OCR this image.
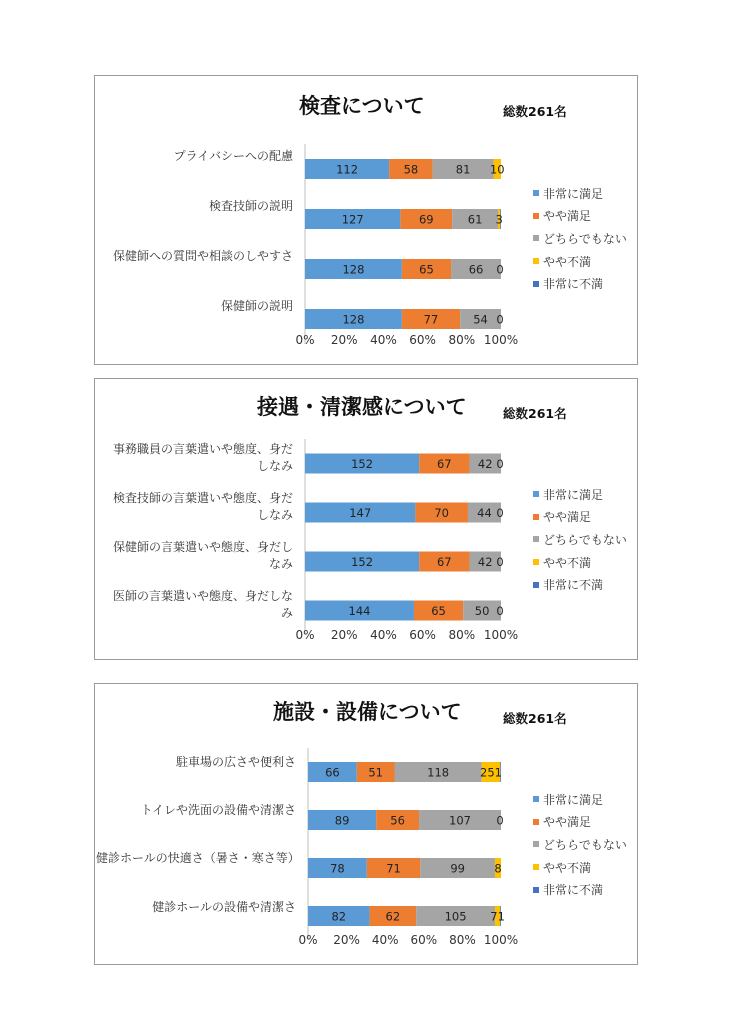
検査について	総数261名
プライバシーへの配慮
検査技師の説明
保健師への質問や相談のしやすさ
保健師の説明
0% 20% 40% 60% 80% 100%
112	58	81 10
127	69	61 3
128	65	66 0
128	77	54 0
非常に満足
やや満足
どちらでもない
やや不満
非常に不満
接遇・清潔感について	総数261名
事務職員の言葉遣いや態度、身だ
しなみ
検査技師の言葉遣いや態度、身だ
しなみ
保健師の言葉遣いや態度、身だし
なみ
医師の言葉遣いや態度、身だしな
み
0% 20% 40% 60% 80% 100%
152	67 42 0
147	70 44 0
152	67 42 0
144	65	50 0
非常に満足
やや満足
どちらでもない
やや不満
非常に不満
施設・設備について	総数261名
駐車場の広さや便利さ
トイレや洗面の設備や清潔さ
健診ホールの快適さ（暑さ・寒さ等）
健診ホールの設備や清潔さ
0% 20% 40% 60% 80% 100%
66 51	118	251
89	56	107 0
78	71	99	8
82	62	105 71
非常に満足
やや満足
どちらでもない
やや不満
非常に不満
